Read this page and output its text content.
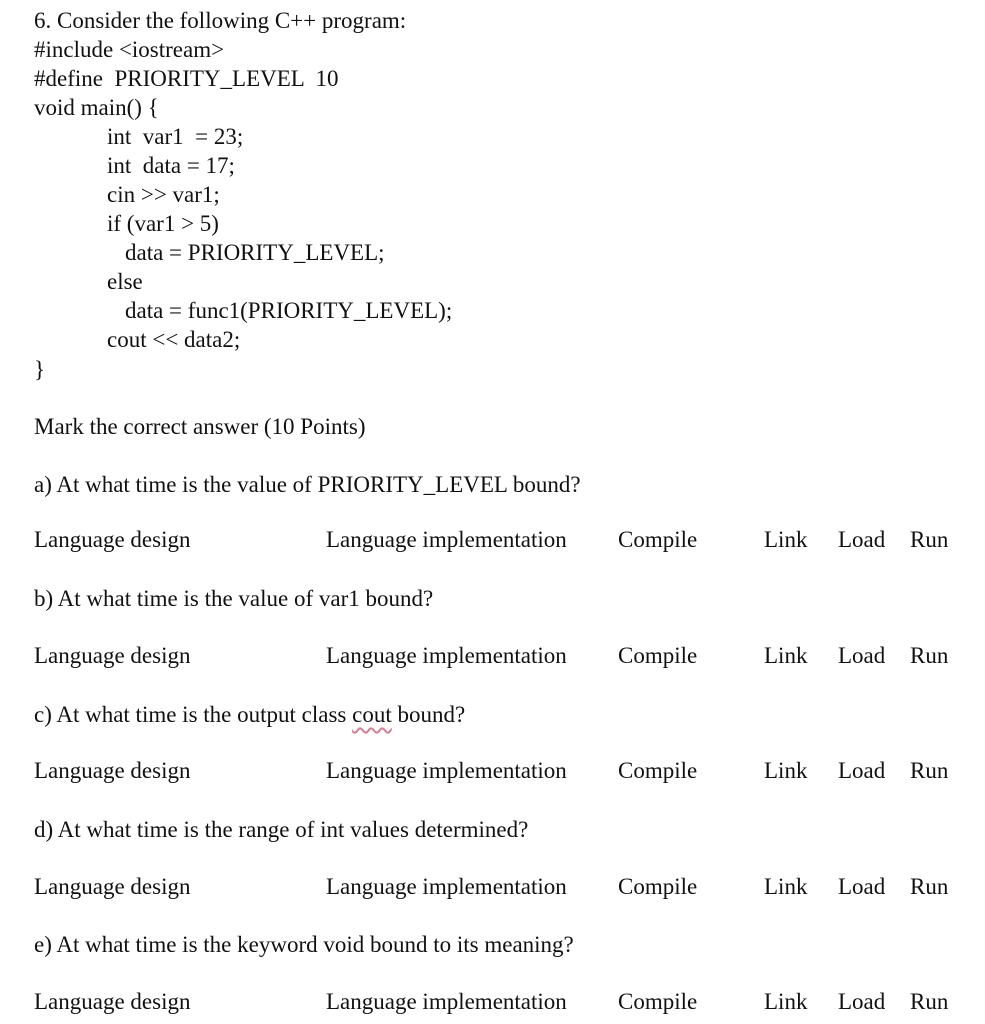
6. Consider the following C++ program:
#include <iostream>
#define  PRIORITY_LEVEL  10
void main() {
int  var1  = 23;
int  data = 17;
cin >> var1;
if (var1 > 5)
data = PRIORITY_LEVEL;
else
data = func1(PRIORITY_LEVEL);
cout << data2;
}
Mark the correct answer (10 Points)
a) At what time is the value of PRIORITY_LEVEL bound?
Language design	Language implementation Compile	Link Load Run
b) At what time is the value of var1 bound?
Language design	Language implementation Compile	Link Load Run
c) At what time is the output class cout bound?
Language design	Language implementation Compile	Link Load Run
d) At what time is the range of int values determined?
Language design	Language implementation Compile	Link Load Run
e) At what time is the keyword void bound to its meaning?
Language design	Language implementation Compile	Link Load Run
